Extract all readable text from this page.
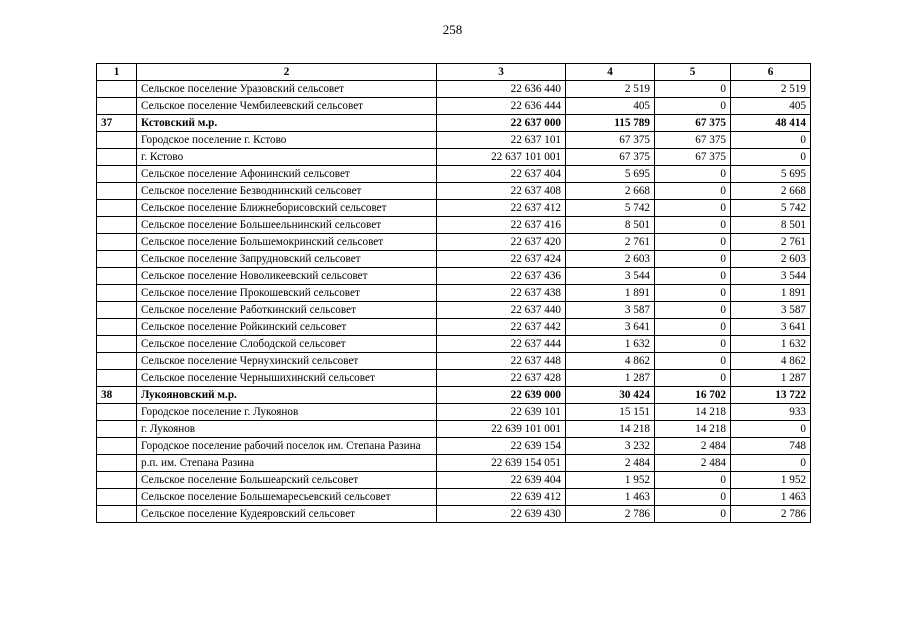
258
1	2	3	4	5	6
	Сельское поселение Уразовский сельсовет	22 636 440	2 519	0	2 519
	Сельское поселение Чембилеевский сельсовет	22 636 444	405	0	405
37	Кстовский м.р.	22 637 000	115 789	67 375	48 414
	Городское поселение г. Кстово	22 637 101	67 375	67 375	0
	г. Кстово	22 637 101 001	67 375	67 375	0
	Сельское поселение Афонинский сельсовет	22 637 404	5 695	0	5 695
	Сельское поселение Безводнинский сельсовет	22 637 408	2 668	0	2 668
	Сельское поселение Ближнеборисовский сельсовет	22 637 412	5 742	0	5 742
	Сельское поселение Большеельнинский сельсовет	22 637 416	8 501	0	8 501
	Сельское поселение Большемокринский сельсовет	22 637 420	2 761	0	2 761
	Сельское поселение Запрудновский сельсовет	22 637 424	2 603	0	2 603
	Сельское поселение Новоликеевский сельсовет	22 637 436	3 544	0	3 544
	Сельское поселение Прокошевский сельсовет	22 637 438	1 891	0	1 891
	Сельское поселение Работкинский сельсовет	22 637 440	3 587	0	3 587
	Сельское поселение Ройкинский сельсовет	22 637 442	3 641	0	3 641
	Сельское поселение Слободской сельсовет	22 637 444	1 632	0	1 632
	Сельское поселение Чернухинский сельсовет	22 637 448	4 862	0	4 862
	Сельское поселение Чернышихинский сельсовет	22 637 428	1 287	0	1 287
38	Лукояновский м.р.	22 639 000	30 424	16 702	13 722
	Городское поселение г. Лукоянов	22 639 101	15 151	14 218	933
	г. Лукоянов	22 639 101 001	14 218	14 218	0
	Городское поселение рабочий поселок им. Степана Разина	22 639 154	3 232	2 484	748
	р.п. им. Степана Разина	22 639 154 051	2 484	2 484	0
	Сельское поселение Большеарский сельсовет	22 639 404	1 952	0	1 952
	Сельское поселение Большемаресьевский сельсовет	22 639 412	1 463	0	1 463
	Сельское поселение Кудеяровский сельсовет	22 639 430	2 786	0	2 786
